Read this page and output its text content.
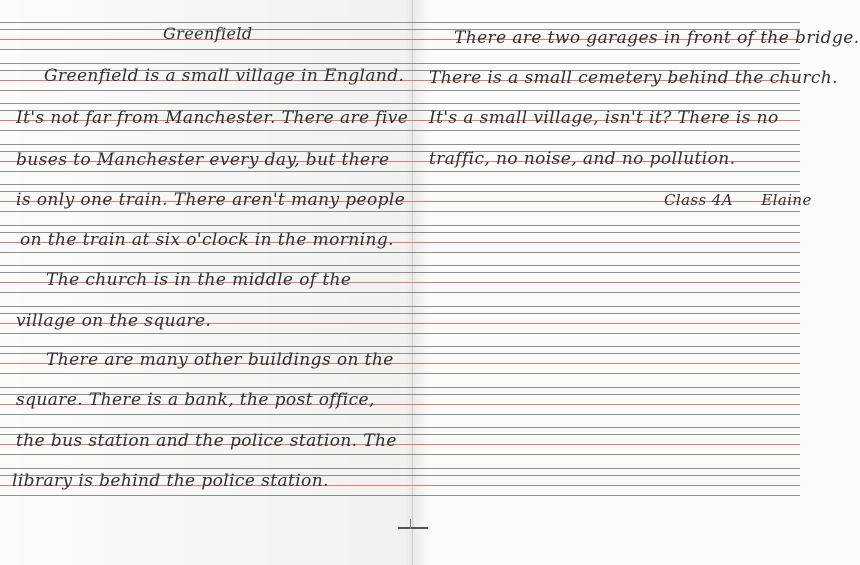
Greenfield
Greenfield is a small village in England.
It's not far from Manchester. There are five
buses to Manchester every day, but there
is only one train. There aren't many people
on the train at six o'clock in the morning.
The church is in the middle of the
village on the square.
There are many other buildings on the
square. There is a bank, the post office,
the bus station and the police station. The
library is behind the police station.
There are two garages in front of the bridge.
There is a small cemetery behind the church.
It's a small village, isn't it? There is no
traffic, no noise, and no pollution.
Class 4A Elaine
